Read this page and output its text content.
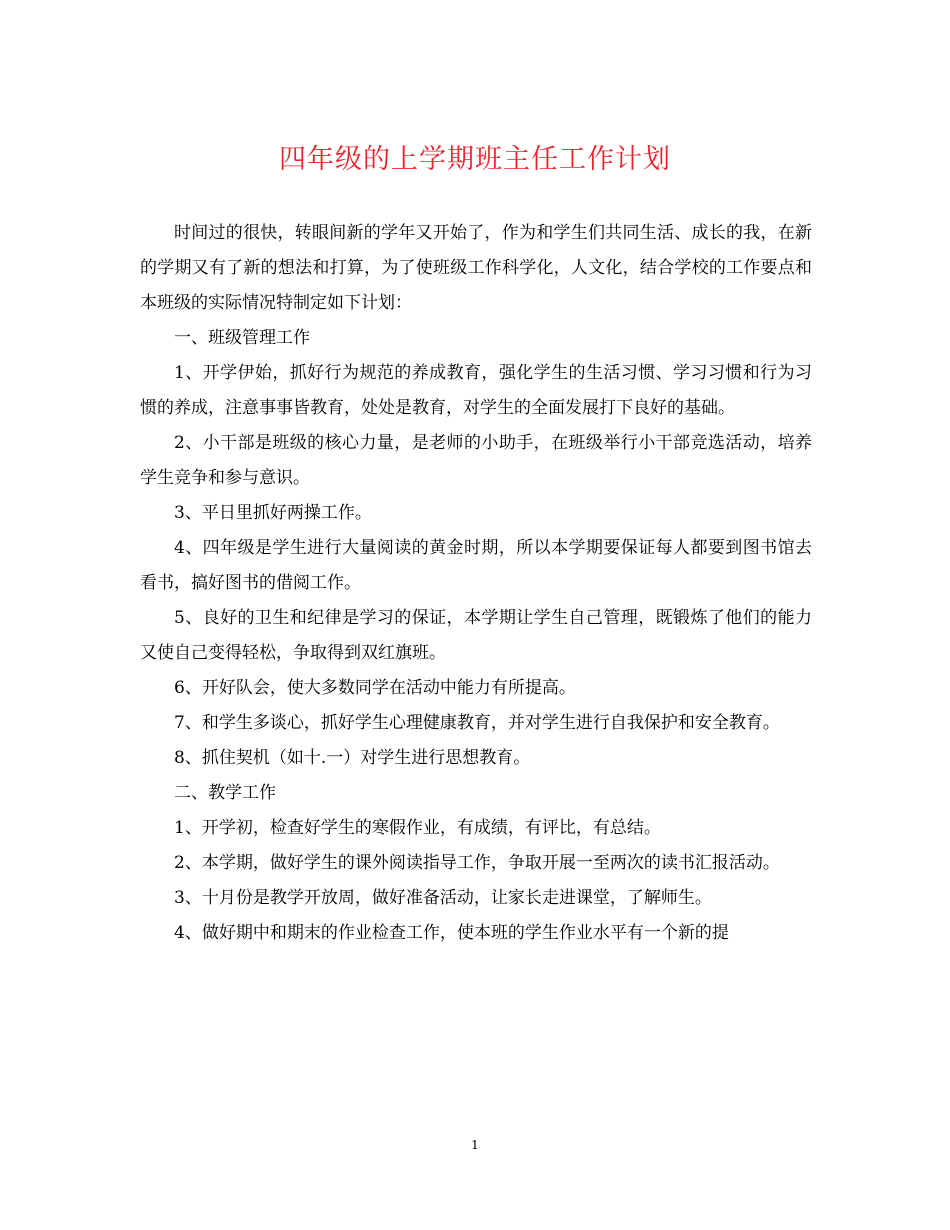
四年级的上学期班主任工作计划

时间过的很快，转眼间新的学年又开始了，作为和学生们共同生活、成长的我，在新的学期又有了新的想法和打算，为了使班级工作科学化，人文化，结合学校的工作要点和本班级的实际情况特制定如下计划：

一、班级管理工作

1、开学伊始，抓好行为规范的养成教育，强化学生的生活习惯、学习习惯和行为习惯的养成，注意事事皆教育，处处是教育，对学生的全面发展打下良好的基础。

2、小干部是班级的核心力量，是老师的小助手，在班级举行小干部竞选活动，培养学生竞争和参与意识。

3、平日里抓好两操工作。

4、四年级是学生进行大量阅读的黄金时期，所以本学期要保证每人都要到图书馆去看书，搞好图书的借阅工作。

5、良好的卫生和纪律是学习的保证，本学期让学生自己管理，既锻炼了他们的能力又使自己变得轻松，争取得到双红旗班。

6、开好队会，使大多数同学在活动中能力有所提高。

7、和学生多谈心，抓好学生心理健康教育，并对学生进行自我保护和安全教育。

8、抓住契机（如十.一）对学生进行思想教育。

二、教学工作

1、开学初，检查好学生的寒假作业，有成绩，有评比，有总结。

2、本学期，做好学生的课外阅读指导工作，争取开展一至两次的读书汇报活动。

3、十月份是教学开放周，做好准备活动，让家长走进课堂，了解师生。

4、做好期中和期末的作业检查工作，使本班的学生作业水平有一个新的提

1
